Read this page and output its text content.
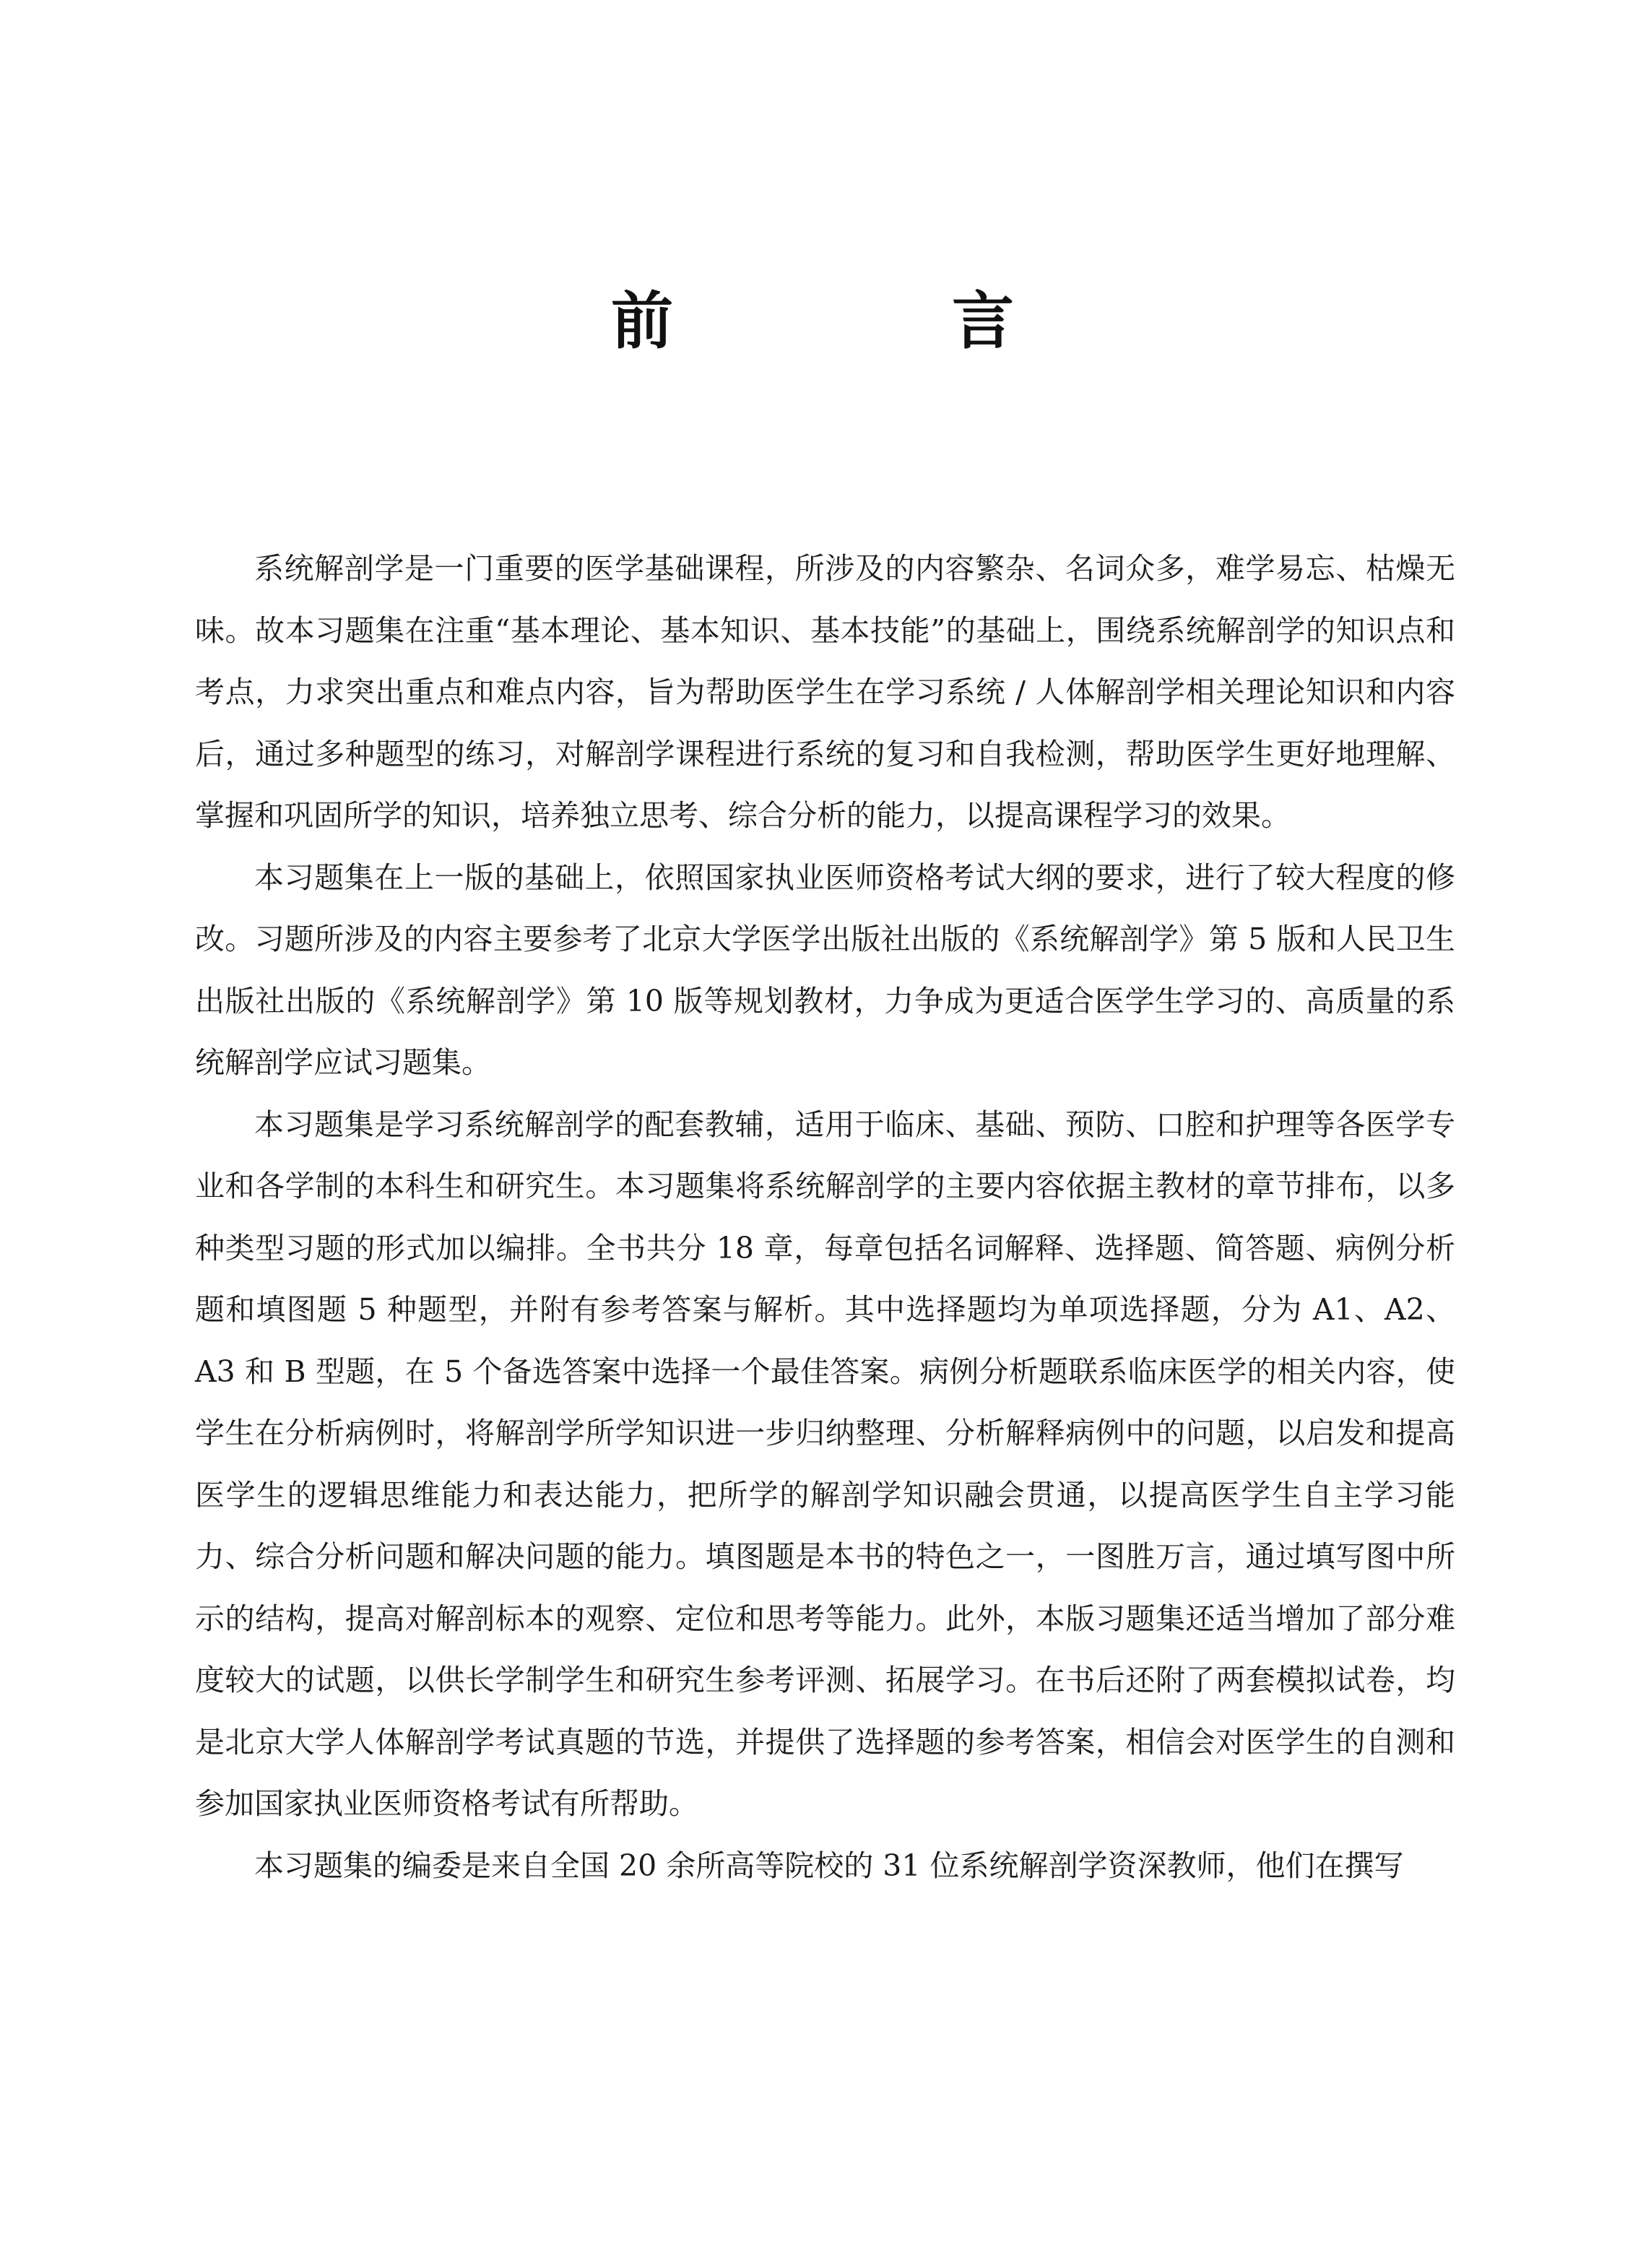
前　言

系统解剖学是一门重要的医学基础课程，所涉及的内容繁杂、名词众多，难学易忘、枯燥无味。故本习题集在注重“基本理论、基本知识、基本技能”的基础上，围绕系统解剖学的知识点和考点，力求突出重点和难点内容，旨为帮助医学生在学习系统 / 人体解剖学相关理论知识和内容后，通过多种题型的练习，对解剖学课程进行系统的复习和自我检测，帮助医学生更好地理解、掌握和巩固所学的知识，培养独立思考、综合分析的能力，以提高课程学习的效果。

本习题集在上一版的基础上，依照国家执业医师资格考试大纲的要求，进行了较大程度的修改。习题所涉及的内容主要参考了北京大学医学出版社出版的《系统解剖学》第 5 版和人民卫生出版社出版的《系统解剖学》第 10 版等规划教材，力争成为更适合医学生学习的、高质量的系统解剖学应试习题集。

本习题集是学习系统解剖学的配套教辅，适用于临床、基础、预防、口腔和护理等各医学专业和各学制的本科生和研究生。本习题集将系统解剖学的主要内容依据主教材的章节排布，以多种类型习题的形式加以编排。全书共分 18 章，每章包括名词解释、选择题、简答题、病例分析题和填图题 5 种题型，并附有参考答案与解析。其中选择题均为单项选择题，分为 A1、A2、A3 和 B 型题，在 5 个备选答案中选择一个最佳答案。病例分析题联系临床医学的相关内容，使学生在分析病例时，将解剖学所学知识进一步归纳整理、分析解释病例中的问题，以启发和提高医学生的逻辑思维能力和表达能力，把所学的解剖学知识融会贯通，以提高医学生自主学习能力、综合分析问题和解决问题的能力。填图题是本书的特色之一，一图胜万言，通过填写图中所示的结构，提高对解剖标本的观察、定位和思考等能力。此外，本版习题集还适当增加了部分难度较大的试题，以供长学制学生和研究生参考评测、拓展学习。在书后还附了两套模拟试卷，均是北京大学人体解剖学考试真题的节选，并提供了选择题的参考答案，相信会对医学生的自测和参加国家执业医师资格考试有所帮助。

本习题集的编委是来自全国 20 余所高等院校的 31 位系统解剖学资深教师，他们在撰写
